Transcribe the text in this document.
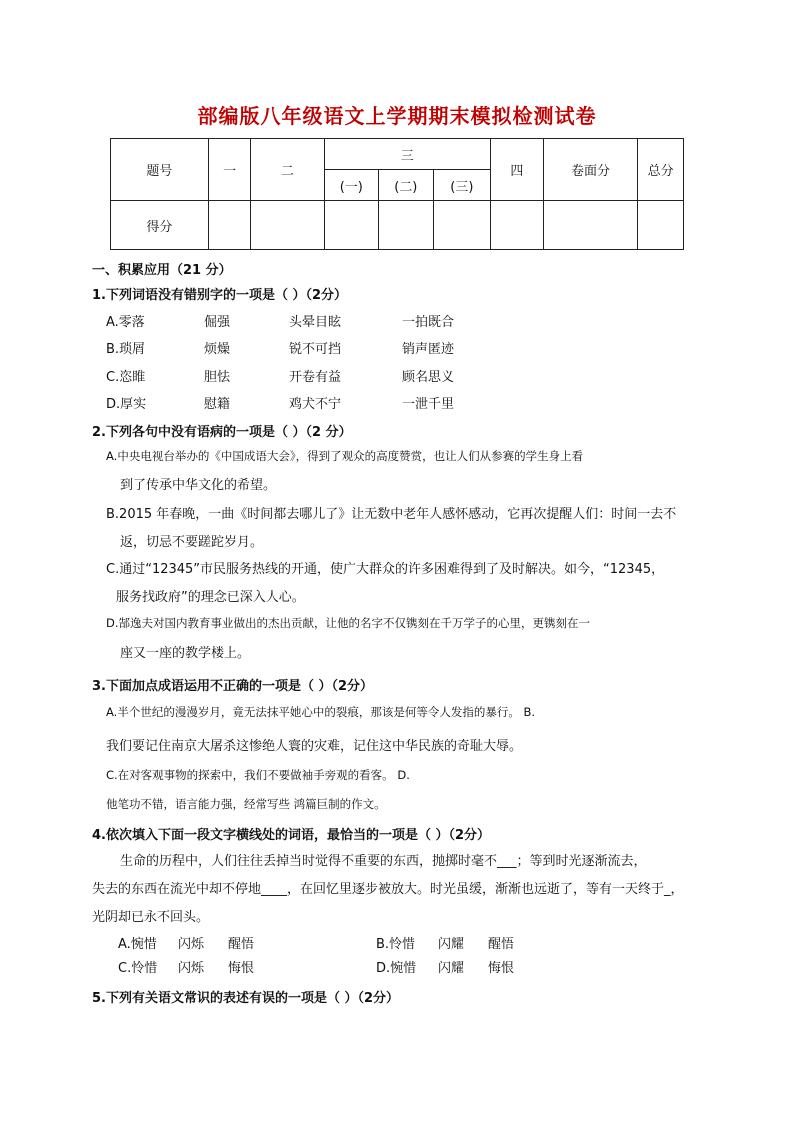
部编版八年级语文上学期期末模拟检测试卷
题号	一	二	三			四	卷面分	总分
			(一)	(二)	(三)			
得分								
一、积累应用（21 分）
1.下列词语没有错别字的一项是（ ）（2分）
A.零落	倔强	头晕目眩	一拍既合
B.琐屑	烦燥	锐不可挡	销声匿迹
C.恣睢	胆怯	开卷有益	顾名思义
D.厚实	慰籍	鸡犬不宁	一泄千里
2.下列各句中没有语病的一项是（ ）（2 分）
A.中央电视台举办的《中国成语大会》，得到了观众的高度赞赏，也让人们从参赛的学生身上看
到了传承中华文化的希望。
B.2015 年春晚，一曲《时间都去哪儿了》让无数中老年人感怀感动，它再次提醒人们：时间一去不
返，切忌不要蹉跎岁月。
C.通过“12345”市民服务热线的开通，使广大群众的许多困难得到了及时解决。如今，“12345，
服务找政府”的理念已深入人心。
D.郜逸夫对国内教育事业做出的杰出贡献，让他的名字不仅镌刻在千万学子的心里，更镌刻在一
座又一座的教学楼上。
3.下面加点成语运用不正确的一项是（ ）（2分）
A.半个世纪的漫漫岁月，竟无法抹平她心中的裂痕，那该是何等令人发指的暴行。 B.
我们要记住南京大屠杀这惨绝人寰的灾难，记住这中华民族的奇耻大辱。
C.在对客观事物的探索中，我们不要做袖手旁观的看客。 D.
他笔功不错，语言能力强，经常写些 鸿篇巨制的作文。
4.依次填入下面一段文字横线处的词语，最恰当的一项是（ ）（2分）
生命的历程中，人们往往丢掉当时觉得不重要的东西，抛掷时毫不___；等到时光逐渐流去，
失去的东西在流光中却不停地____，在回忆里逐步被放大。时光虽缓，渐渐也远逝了，等有一天终于_，
光阴却已永不回头。
A.惋惜 闪烁 醒悟	B.怜惜 闪耀 醒悟
C.怜惜 闪烁 悔恨	D.惋惜 闪耀 悔恨
5.下列有关语文常识的表述有误的一项是（ ）（2分）
